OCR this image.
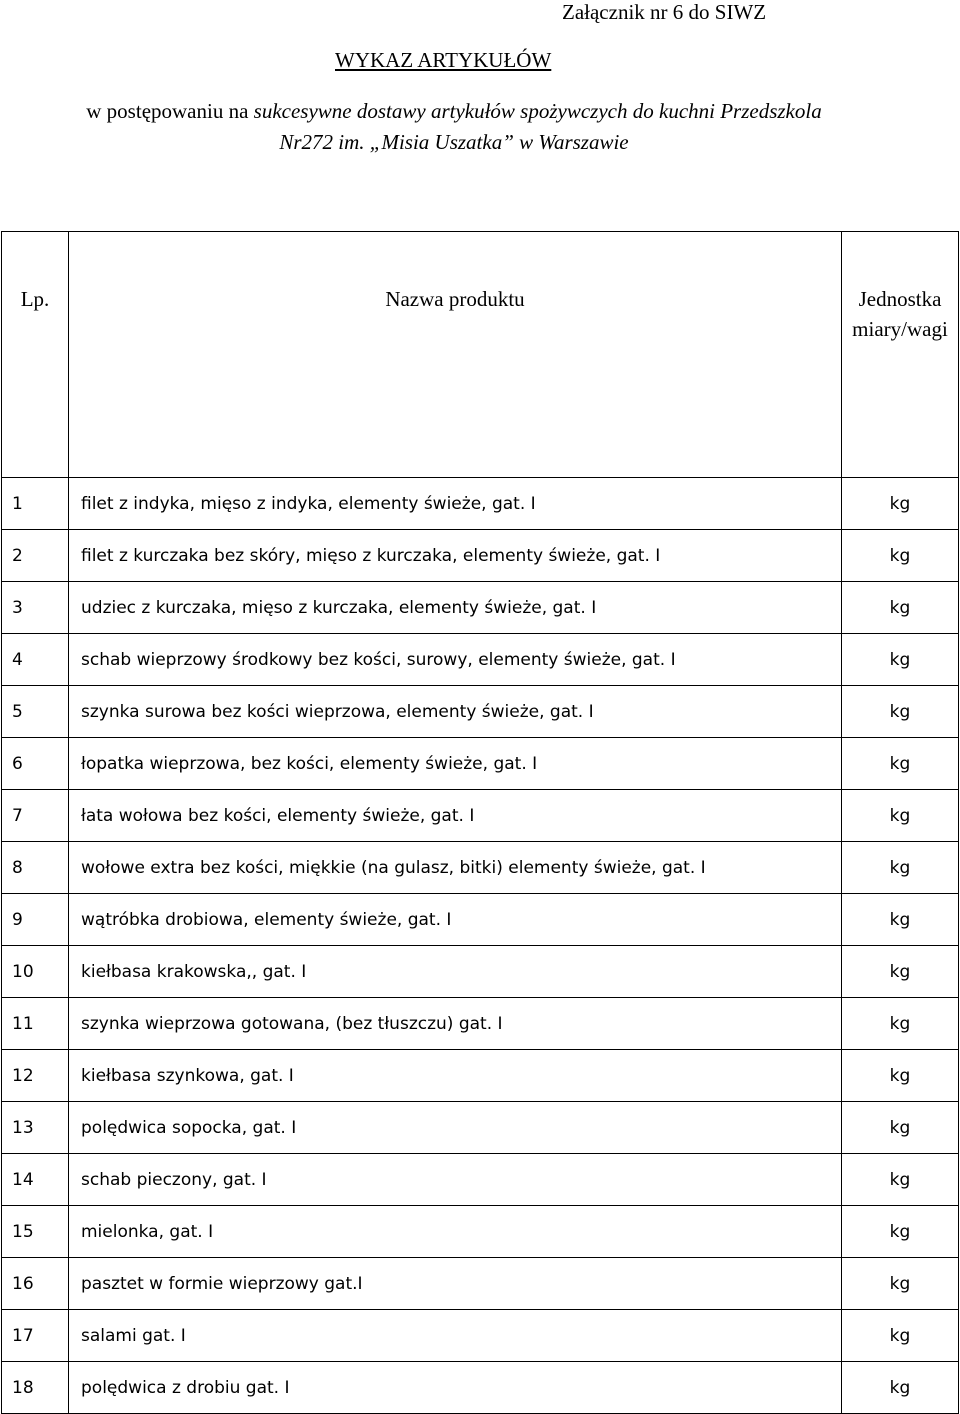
Załącznik nr 6 do SIWZ
WYKAZ ARTYKUŁÓW
w postępowaniu na sukcesywne dostawy artykułów spożywczych do kuchni Przedszkola
Nr272 im. „Misia Uszatka” w Warszawie
Lp.	Nazwa produktu	Jednostka miary/wagi
1	filet z indyka, mięso z indyka, elementy świeże, gat. I	kg
2	filet z kurczaka bez skóry, mięso z kurczaka, elementy świeże, gat. I	kg
3	udziec z kurczaka, mięso z kurczaka, elementy świeże, gat. I	kg
4	schab wieprzowy środkowy bez kości, surowy, elementy świeże, gat. I	kg
5	szynka surowa bez kości wieprzowa, elementy świeże, gat. I	kg
6	łopatka wieprzowa, bez kości, elementy świeże, gat. I	kg
7	łata wołowa bez kości, elementy świeże, gat. I	kg
8	wołowe extra bez kości, miękkie (na gulasz, bitki) elementy świeże, gat. I	kg
9	wątróbka drobiowa, elementy świeże, gat. I	kg
10	kiełbasa krakowska,, gat. I	kg
11	szynka wieprzowa gotowana, (bez tłuszczu) gat. I	kg
12	kiełbasa szynkowa, gat. I	kg
13	polędwica sopocka, gat. I	kg
14	schab pieczony, gat. I	kg
15	mielonka, gat. I	kg
16	pasztet w formie wieprzowy gat.I	kg
17	salami gat. I	kg
18	polędwica z drobiu gat. I	kg
